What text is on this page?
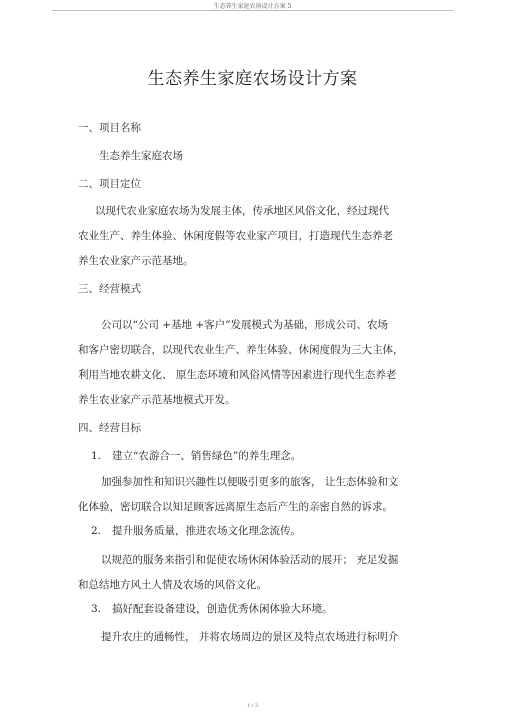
生态养生家庭农场设计方案 5
生态养生家庭农场设计方案
一、项目名称
生态养生家庭农场
二、项目定位
以现代农业家庭农场为发展主体，传承地区风俗文化，经过现代
农业生产、养生体验、休闲度假等农业家产项目，打造现代生态养老
养生农业家产示范基地。
三、经营模式
公司以“公司 +基地 +客户”发展模式为基础，形成公司、农场
和客户密切联合，以现代农业生产、养生体验、休闲度假为三大主体，
利用当地农耕文化、 原生态环境和风俗风情等因素进行现代生态养老
养生农业家产示范基地模式开发。
四、经营目标
1. 建立“农游合一、销售绿色”的养生理念。
加强参加性和知识兴趣性以便吸引更多的旅客， 让生态体验和文
化体验，密切联合以知足顾客远离原生态后产生的亲密自然的诉求。
2. 提升服务质量，推进农场文化理念流传。
以规范的服务来指引和促使农场休闲体验活动的展开； 充足发掘
和总结地方风土人情及农场的风俗文化。
3. 搞好配套设备建设，创造优秀休闲体验大环境。
提升农庄的通畅性， 并将农场周边的景区及特点农场进行标明介
1 / 3
